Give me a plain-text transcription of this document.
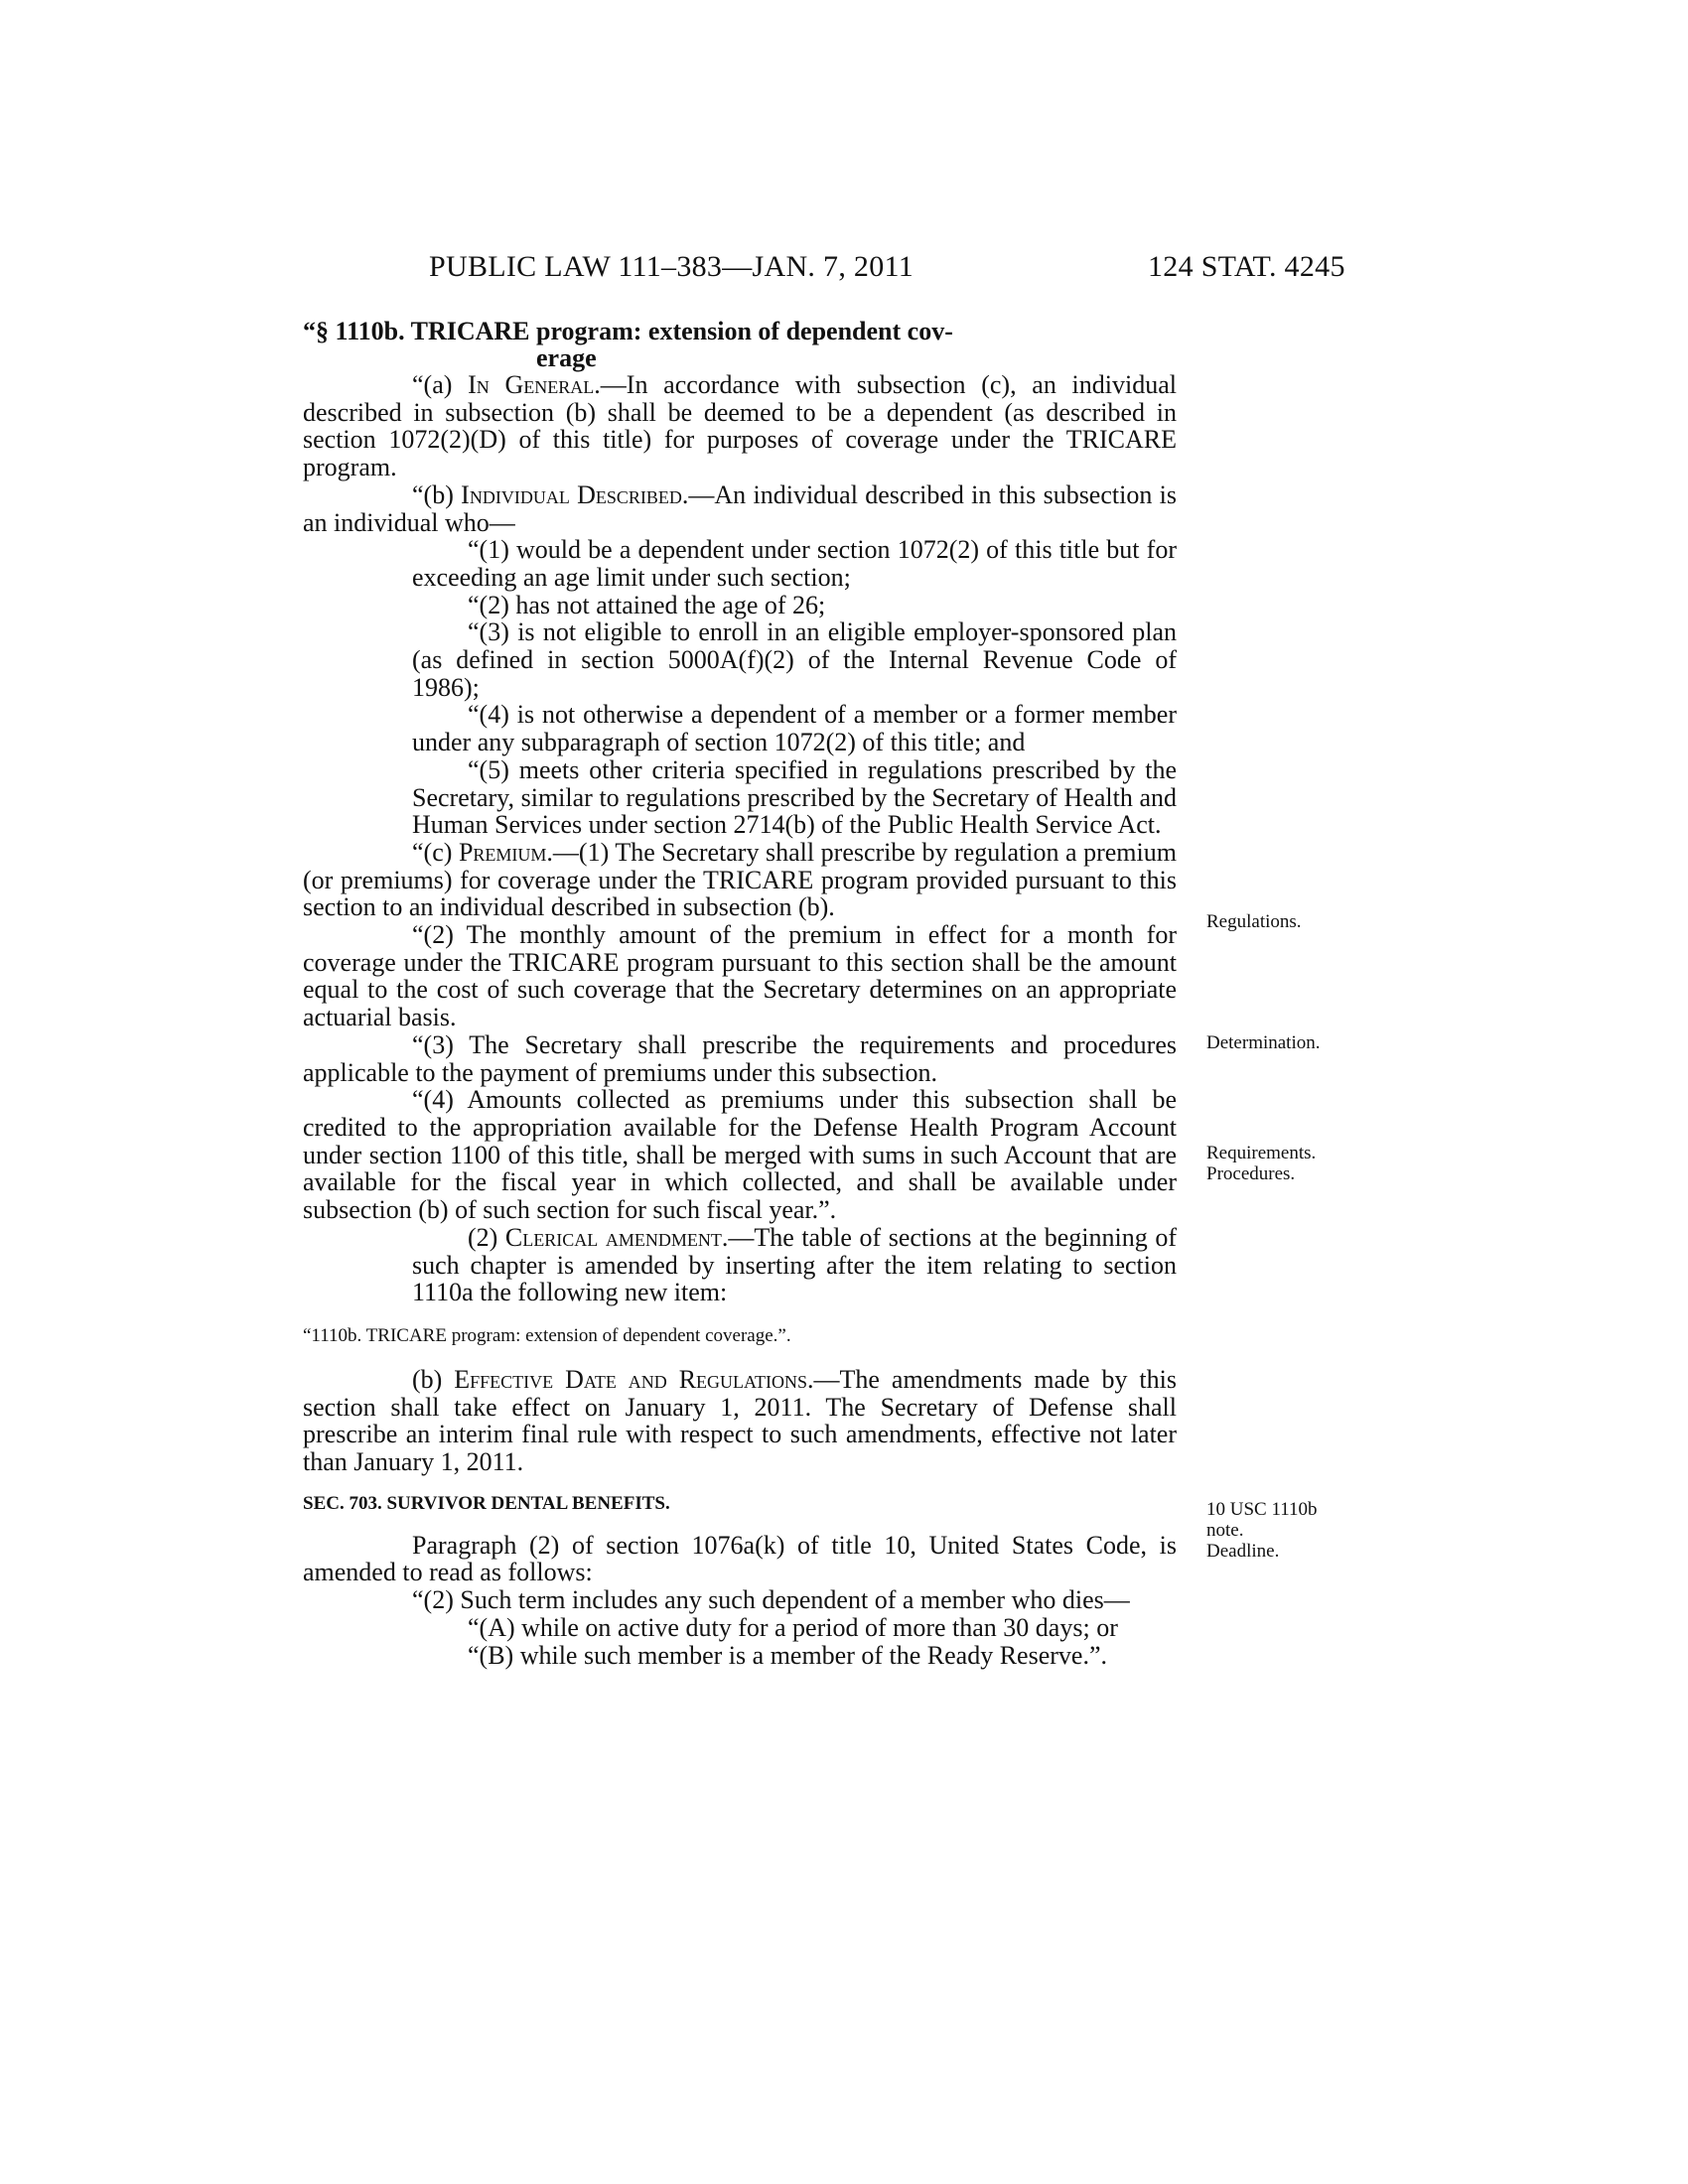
PUBLIC LAW 111–383—JAN. 7, 2011	124 STAT. 4245
“§ 1110b. TRICARE program: extension of dependent cov-
erage

“(a) In General.—In accordance with subsection (c), an individual described in subsection (b) shall be deemed to be a dependent (as described in section 1072(2)(D) of this title) for purposes of coverage under the TRICARE program.

“(b) Individual Described.—An individual described in this subsection is an individual who—

“(1) would be a dependent under section 1072(2) of this title but for exceeding an age limit under such section;

“(2) has not attained the age of 26;

“(3) is not eligible to enroll in an eligible employer-sponsored plan (as defined in section 5000A(f)(2) of the Internal Revenue Code of 1986);

“(4) is not otherwise a dependent of a member or a former member under any subparagraph of section 1072(2) of this title; and

“(5) meets other criteria specified in regulations prescribed by the Secretary, similar to regulations prescribed by the Secretary of Health and Human Services under section 2714(b) of the Public Health Service Act.

“(c) Premium.—(1) The Secretary shall prescribe by regulation a premium (or premiums) for coverage under the TRICARE program provided pursuant to this section to an individual described in subsection (b).

“(2) The monthly amount of the premium in effect for a month for coverage under the TRICARE program pursuant to this section shall be the amount equal to the cost of such coverage that the Secretary determines on an appropriate actuarial basis.

“(3) The Secretary shall prescribe the requirements and procedures applicable to the payment of premiums under this subsection.

“(4) Amounts collected as premiums under this subsection shall be credited to the appropriation available for the Defense Health Program Account under section 1100 of this title, shall be merged with sums in such Account that are available for the fiscal year in which collected, and shall be available under subsection (b) of such section for such fiscal year.”.

(2) Clerical amendment.—The table of sections at the beginning of such chapter is amended by inserting after the item relating to section 1110a the following new item:

“1110b. TRICARE program: extension of dependent coverage.”.

(b) Effective Date and Regulations.—The amendments made by this section shall take effect on January 1, 2011. The Secretary of Defense shall prescribe an interim final rule with respect to such amendments, effective not later than January 1, 2011.

SEC. 703. SURVIVOR DENTAL BENEFITS.

Paragraph (2) of section 1076a(k) of title 10, United States Code, is amended to read as follows:

“(2) Such term includes any such dependent of a member who dies—

“(A) while on active duty for a period of more than 30 days; or

“(B) while such member is a member of the Ready Reserve.”.

Regulations.
Determination.
Requirements.
Procedures.
10 USC 1110b
note.
Deadline.
